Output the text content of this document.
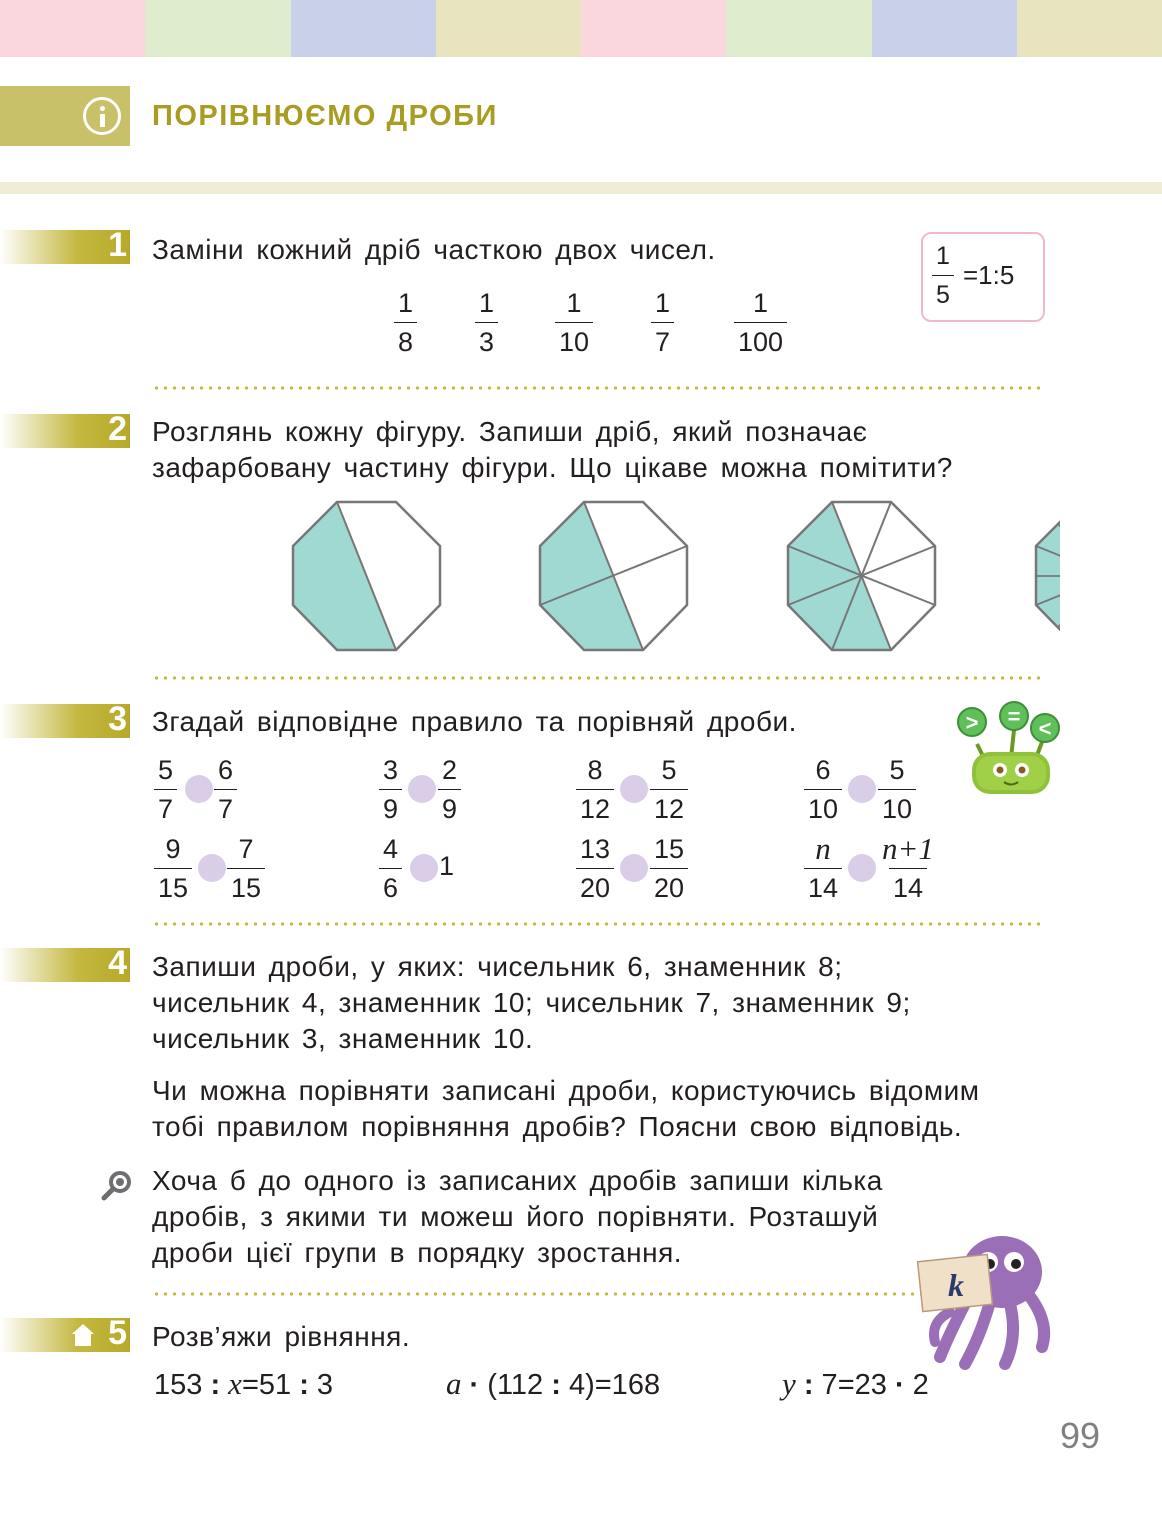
ПОРІВНЮЄМО ДРОБИ
1 Заміни кожний дріб часткою двох чисел.
$\frac{1}{8} \frac{1}{3} \frac{1}{10} \frac{1}{7} \frac{1}{100}$
$\frac{1}{5}$ =1:5
2 Розглянь кожну фігуру. Запиши дріб, який позначає
зафарбовану частину фігури. Що цікаве можна помітити?
3 Згадай відповідне правило та порівняй дроби.
$\frac{5}{7} \frac{6}{7}$	$\frac{3}{9} \frac{2}{9}$	$\frac{8}{12} \frac{5}{12}$	$\frac{6}{10} \frac{5}{10}$
$\frac{9}{15} \frac{7}{15}$	$\frac{4}{6} 1$	$\frac{13}{20} \frac{15}{20}$	$\frac{n}{14} \frac{n+1}{14}$
> = <
4 Запиши дроби, у яких: чисельник 6, знаменник 8;
чисельник 4, знаменник 10; чисельник 7, знаменник 9;
чисельник 3, знаменник 10.
Чи можна порівняти записані дроби, користуючись відомим
тобі правилом порівняння дробів? Поясни свою відповідь.
Хоча б до одного із записаних дробів запиши кілька
дробів, з якими ти можеш його порівняти. Розташуй
дроби цієї групи в порядку зростання.
k
5 Розв’яжи рівняння.
153 : x=51 : 3	a · (112 : 4)=168	y : 7=23 · 2
99
